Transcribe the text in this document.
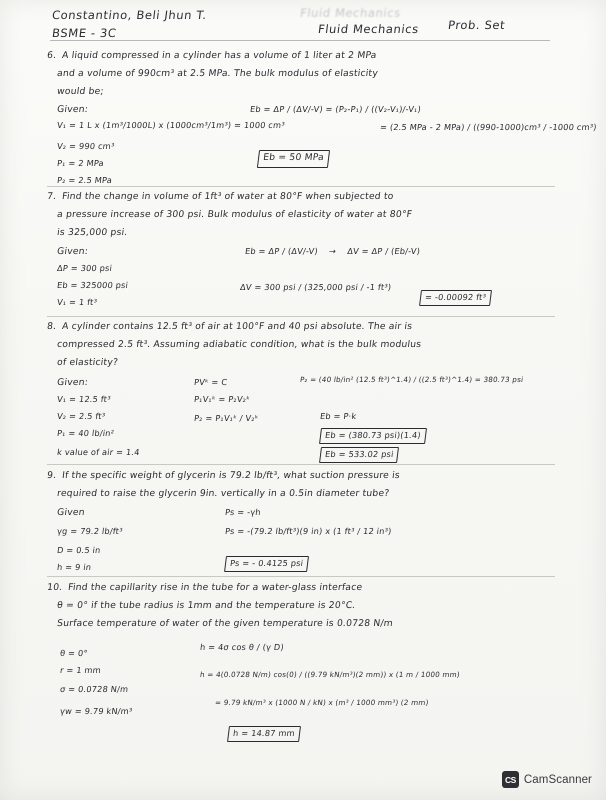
Constantino, Beli Jhun T.	Fluid Mechanics
BSME - 3C	Fluid Mechanics Prob. Set
6. A liquid compressed in a cylinder has a volume of 1 liter at 2 MPa
and a volume of 990cm³ at 2.5 MPa. The bulk modulus of elasticity
would be;
Given:
V₁ = 1 L x (1m³/1000L) x (1000cm³/1m³) = 1000 cm³
V₂ = 990 cm³
P₁ = 2 MPa
P₂ = 2.5 MPa
Eb = ΔP / (ΔV/-V) = (P₂-P₁) / ((V₂-V₁)/-V₁)
= (2.5 MPa - 2 MPa) / ((990-1000)cm³ / -1000 cm³)
Eb = 50 MPa
7. Find the change in volume of 1ft³ of water at 80°F when subjected to
a pressure increase of 300 psi. Bulk modulus of elasticity of water at 80°F
is 325,000 psi.
Given:
ΔP = 300 psi
Eb = 325000 psi
V₁ = 1 ft³
Eb = ΔP / (ΔV/-V)    →    ΔV = ΔP / (Eb/-V)
ΔV = 300 psi / (325,000 psi / -1 ft³)
= -0.00092 ft³
8. A cylinder contains 12.5 ft³ of air at 100°F and 40 psi absolute. The air is
compressed 2.5 ft³. Assuming adiabatic condition, what is the bulk modulus
of elasticity?
Given:
V₁ = 12.5 ft³
V₂ = 2.5 ft³
P₁ = 40 lb/in²
k value of air = 1.4
PVᵏ = C
P₁V₁ᵏ = P₂V₂ᵏ
P₂ = P₁V₁ᵏ / V₂ᵏ
P₂ = (40 lb/in² (12.5 ft³)^1.4) / ((2.5 ft³)^1.4) = 380.73 psi
Eb = P·k
Eb = (380.73 psi)(1.4)
Eb = 533.02 psi
9. If the specific weight of glycerin is 79.2 lb/ft³, what suction pressure is
required to raise the glycerin 9in. vertically in a 0.5in diameter tube?
Given
γg = 79.2 lb/ft³
D = 0.5 in
h = 9 in
Ps = -γh
Ps = -(79.2 lb/ft³)(9 in) x (1 ft³ / 12 in³)
Ps = - 0.4125 psi
10. Find the capillarity rise in the tube for a water-glass interface
θ = 0° if the tube radius is 1mm and the temperature is 20°C.
Surface temperature of water of the given temperature is 0.0728 N/m
θ = 0°
r = 1 mm
σ = 0.0728 N/m
γw = 9.79 kN/m³
h = 4σ cos θ / (γ D)
h = 4(0.0728 N/m) cos(0) / ((9.79 kN/m³)(2 mm)) x (1 m / 1000 mm)
= 9.79 kN/m³ x (1000 N / kN) x (m³ / 1000 mm³) (2 mm)
h = 14.87 mm
CS CamScanner
